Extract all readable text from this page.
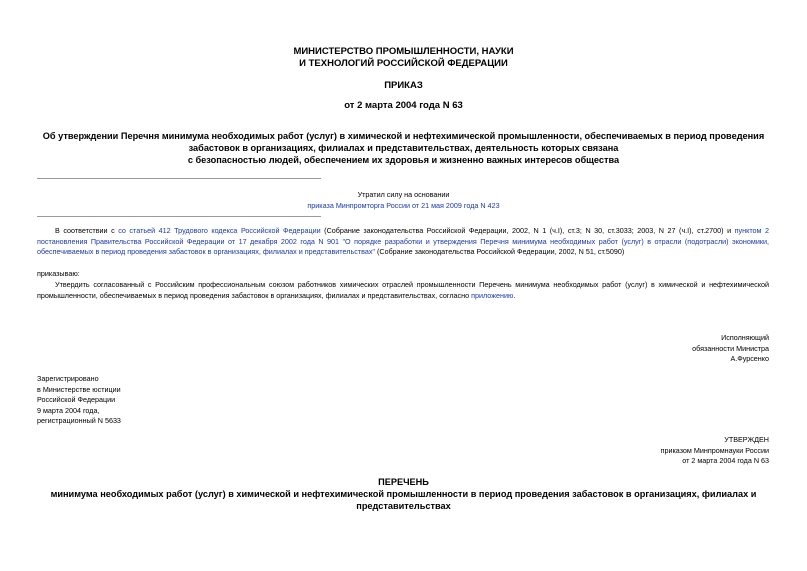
МИНИСТЕРСТВО ПРОМЫШЛЕННОСТИ, НАУКИ
И ТЕХНОЛОГИЙ РОССИЙСКОЙ ФЕДЕРАЦИИ
ПРИКАЗ
от 2 марта 2004 года N 63
Об утверждении Перечня минимума необходимых работ (услуг) в химической и нефтехимической промышленности, обеспечиваемых в период проведения
забастовок в организациях, филиалах и представительствах, деятельность которых связана
с безопасностью людей, обеспечением их здоровья и жизненно важных интересов общества
Утратил силу на основании
приказа Минпромторга России от 21 мая 2009 года N 423
В соответствии с со статьей 412 Трудового кодекса Российской Федерации (Собрание законодательства Российской Федерации, 2002, N 1 (ч.I), ст.3; N 30, ст.3033; 2003, N 27 (ч.I), ст.2700) и пунктом 2 постановления Правительства Российской Федерации от 17 декабря 2002 года N 901 "О порядке разработки и утверждения Перечня минимума необходимых работ (услуг) в отрасли (подотрасли) экономики, обеспечиваемых в период проведения забастовок в организациях, филиалах и представительствах" (Собрание законодательства Российской Федерации, 2002, N 51, ст.5090)
приказываю:
Утвердить согласованный с Российским профессиональным союзом работников химических отраслей промышленности Перечень минимума необходимых работ (услуг) в химической и нефтехимической промышленности, обеспечиваемых в период проведения забастовок в организациях, филиалах и представительствах, согласно приложению.
Исполняющий
обязанности Министра
А.Фурсенко
Зарегистрировано
в Министерстве юстиции
Российской Федерации
9 марта 2004 года,
регистрационный N 5633
УТВЕРЖДЕН
приказом Минпромнауки России
от 2 марта 2004 года N 63
ПЕРЕЧЕНЬ
минимума необходимых работ (услуг) в химической и нефтехимической промышленности в период проведения забастовок в организациях, филиалах и
представительствах
